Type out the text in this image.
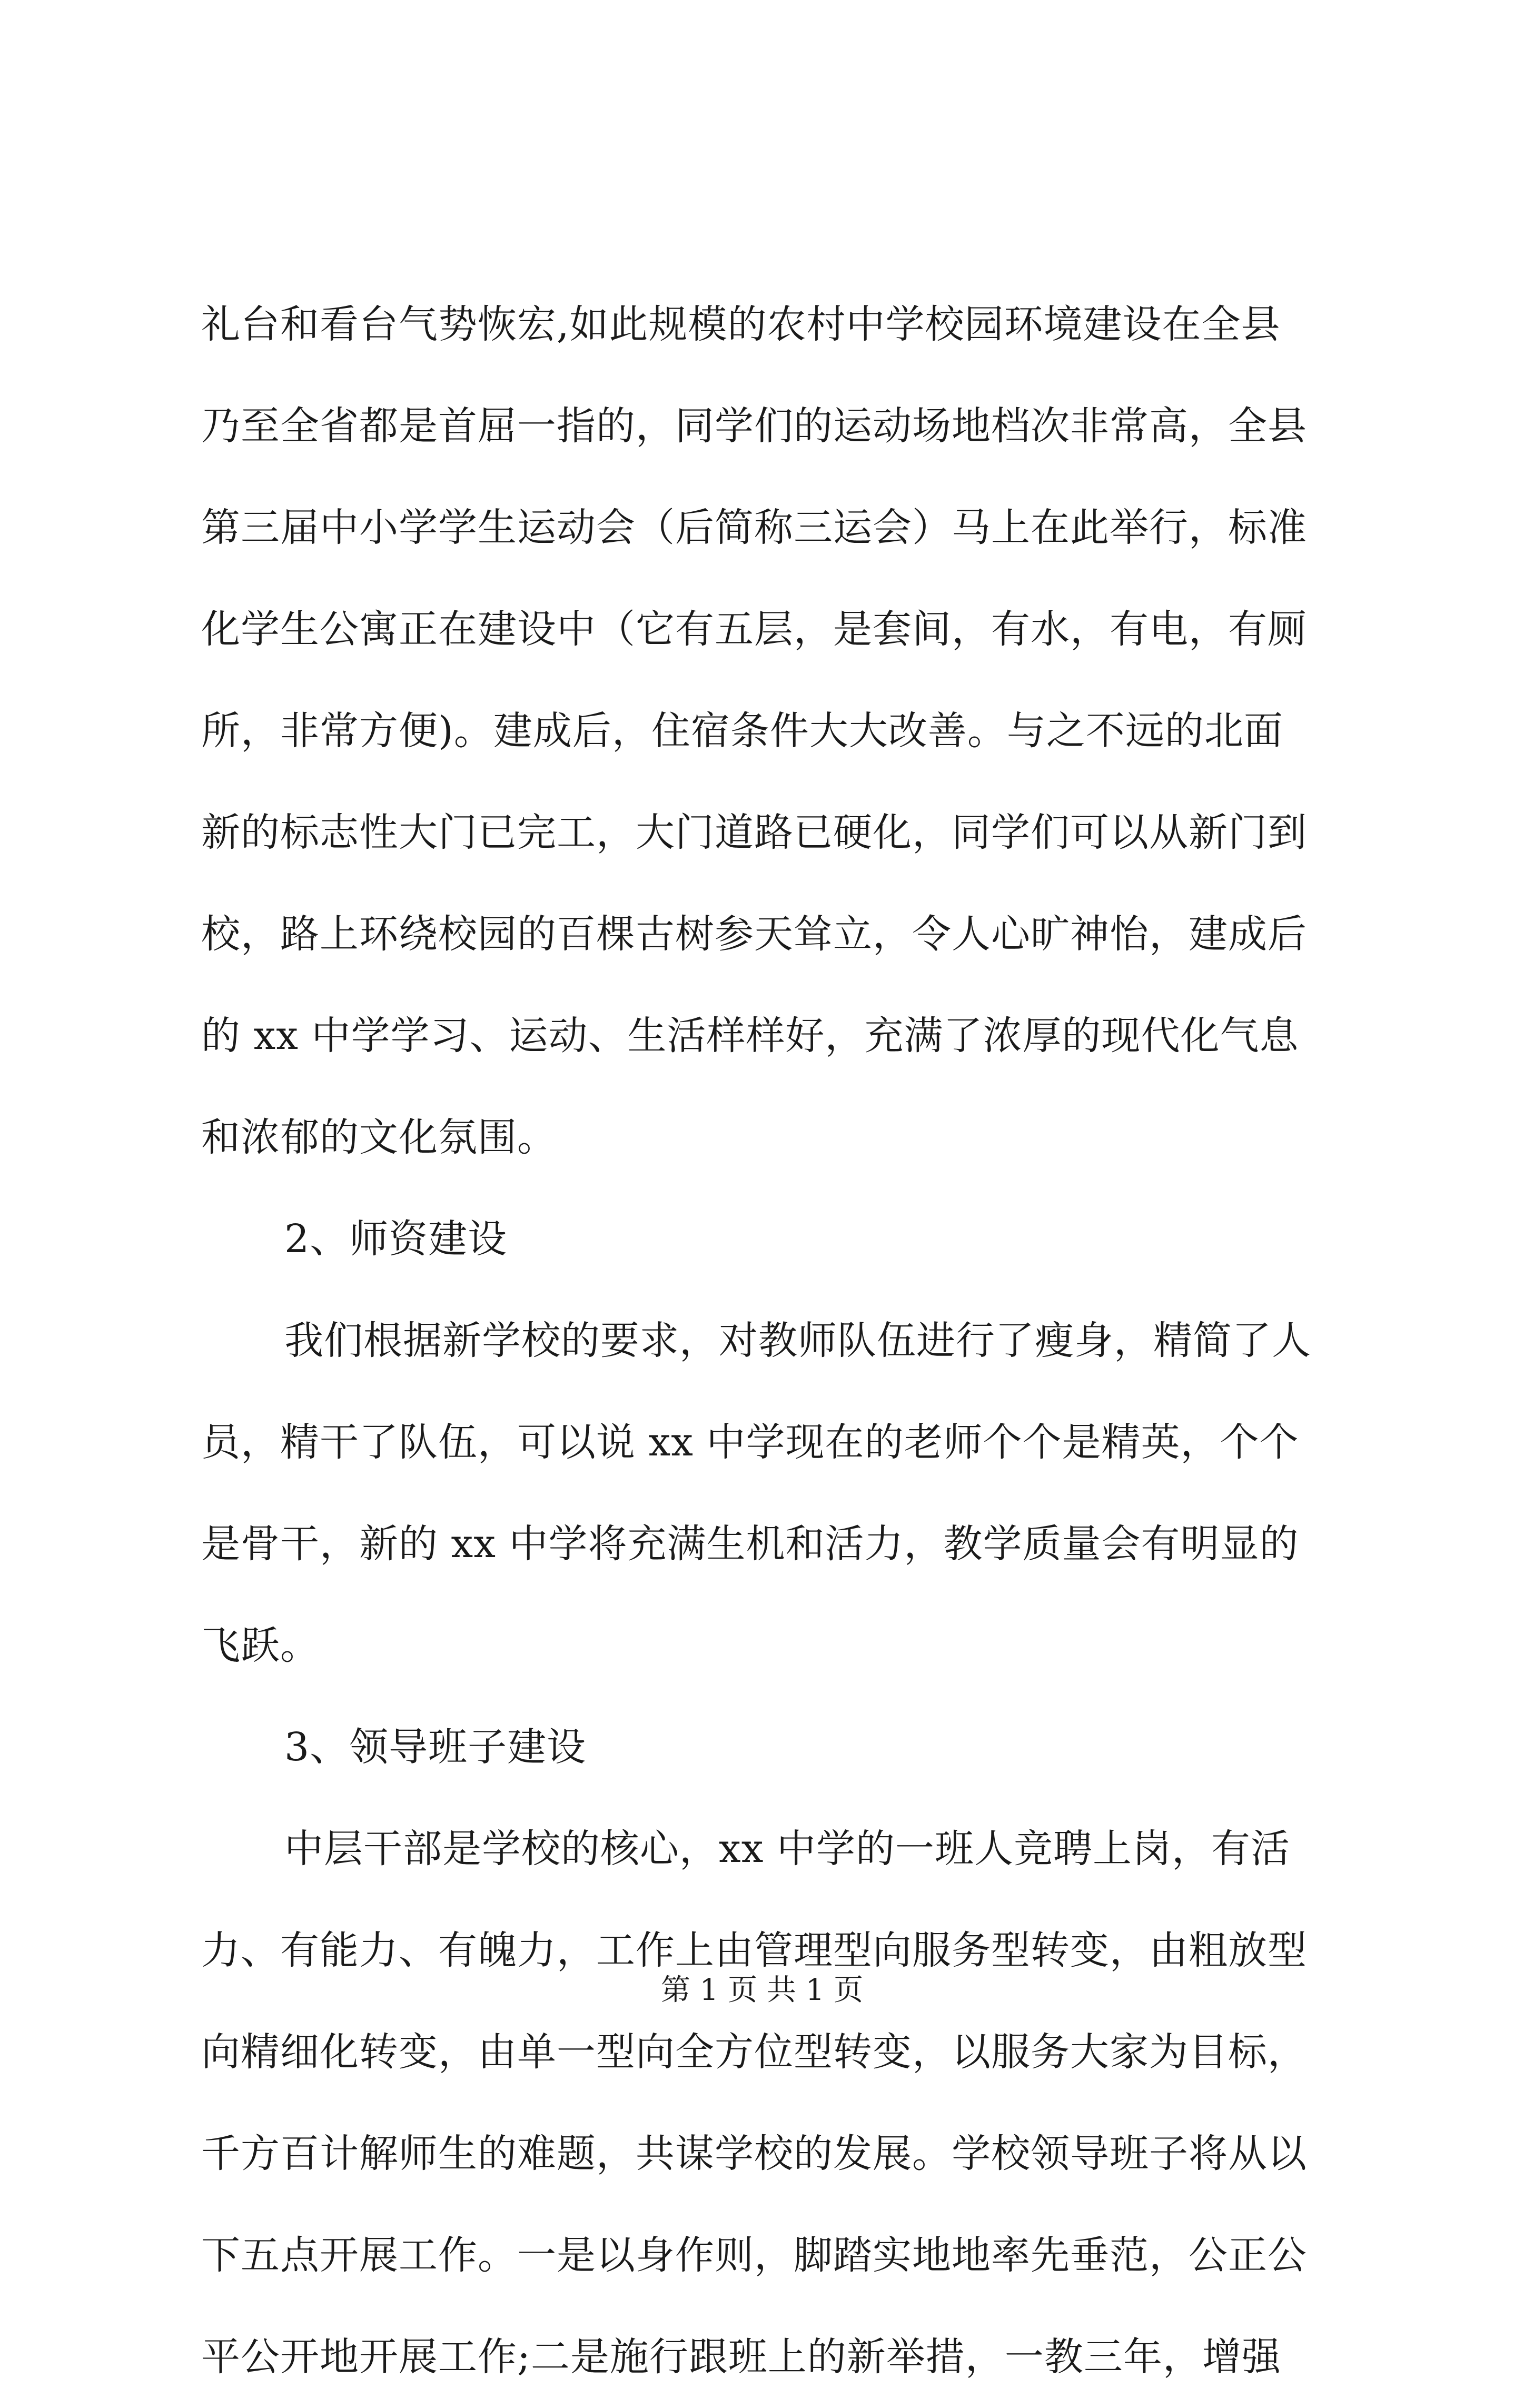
礼台和看台气势恢宏,如此规模的农村中学校园环境建设在全县
乃至全省都是首屈一指的，同学们的运动场地档次非常高，全县
第三届中小学学生运动会（后简称三运会）马上在此举行，标准
化学生公寓正在建设中（它有五层，是套间，有水，有电，有厕
所，非常方便)。建成后，住宿条件大大改善。与之不远的北面
新的标志性大门已完工，大门道路已硬化，同学们可以从新门到
校，路上环绕校园的百棵古树参天耸立，令人心旷神怡，建成后
的 xx 中学学习、运动、生活样样好，充满了浓厚的现代化气息
和浓郁的文化氛围。
2、师资建设
我们根据新学校的要求，对教师队伍进行了瘦身，精简了人
员，精干了队伍，可以说 xx 中学现在的老师个个是精英，个个
是骨干，新的 xx 中学将充满生机和活力，教学质量会有明显的
飞跃。
3、领导班子建设
中层干部是学校的核心，xx 中学的一班人竞聘上岗，有活
力、有能力、有魄力，工作上由管理型向服务型转变，由粗放型
向精细化转变，由单一型向全方位型转变，以服务大家为目标，
千方百计解师生的难题，共谋学校的发展。学校领导班子将从以
下五点开展工作。一是以身作则，脚踏实地地率先垂范，公正公
平公开地开展工作;二是施行跟班上的新举措，一教三年，增强
第 1 页 共 1 页
